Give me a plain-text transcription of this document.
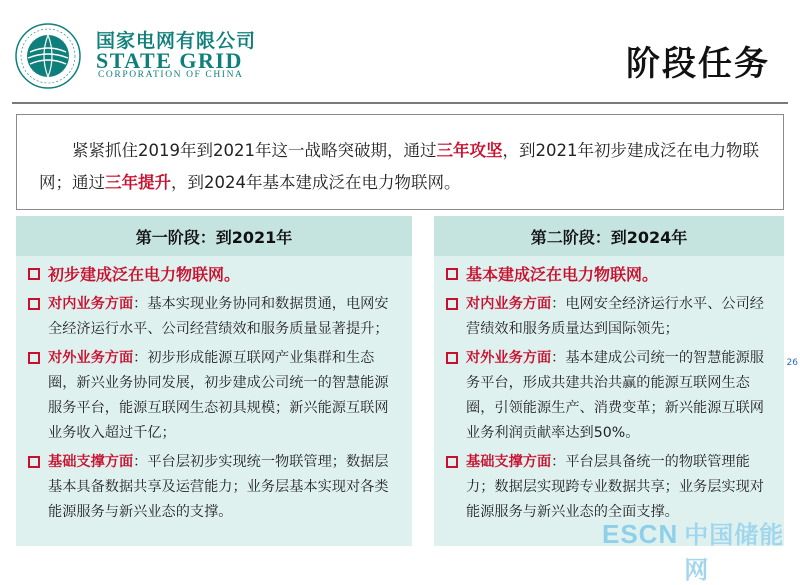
国家电网有限公司
STATE GRID
CORPORATION OF CHINA	阶段任务

紧紧抓住2019年到2021年这一战略突破期，通过三年攻坚，到2021年初步建成泛在电力物联网；通过三年提升，到2024年基本建成泛在电力物联网。

第一阶段：到2021年
初步建成泛在电力物联网。
对内业务方面：基本实现业务协同和数据贯通，电网安全经济运行水平、公司经营绩效和服务质量显著提升；
对外业务方面：初步形成能源互联网产业集群和生态圈，新兴业务协同发展，初步建成公司统一的智慧能源服务平台，能源互联网生态初具规模；新兴能源互联网业务收入超过千亿；
基础支撑方面：平台层初步实现统一物联管理；数据层基本具备数据共享及运营能力；业务层基本实现对各类能源服务与新兴业态的支撑。
第二阶段：到2024年
基本建成泛在电力物联网。
对内业务方面：电网安全经济运行水平、公司经营绩效和服务质量达到国际领先；
对外业务方面：基本建成公司统一的智慧能源服务平台，形成共建共治共赢的能源互联网生态圈，引领能源生产、消费变革；新兴能源互联网业务利润贡献率达到50%。
基础支撑方面：平台层具备统一的物联管理能力；数据层实现跨专业数据共享；业务层实现对能源服务与新兴业态的全面支撑。
26
ESCN 中国储能网
